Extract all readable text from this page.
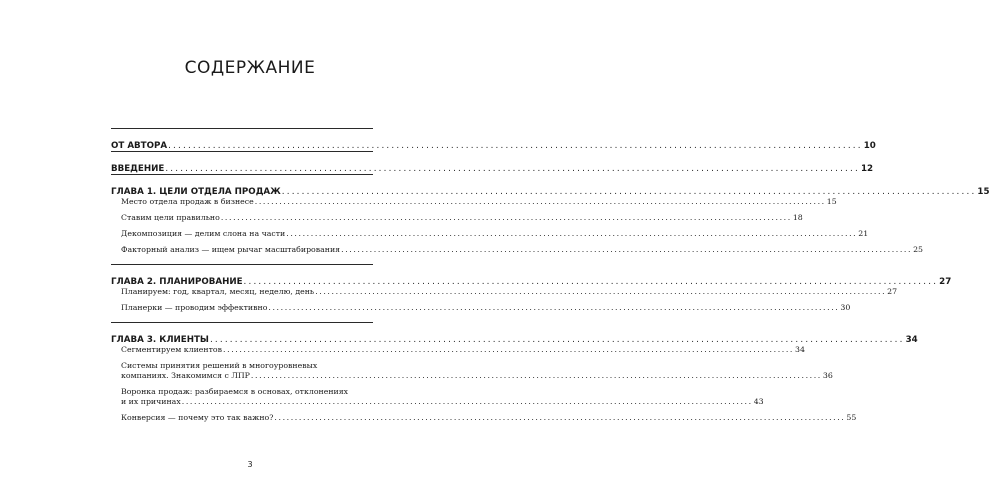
СОДЕРЖАНИЕ
ОТ АВТОРА ............................................................................................................................................ 10
ВВЕДЕНИЕ ............................................................................................................................................ 12
ГЛАВА 1. ЦЕЛИ ОТДЕЛА ПРОДАЖ ............................................................................................................................................ 15
Место отдела продаж в бизнесе ............................................................................................................................................ 15
Ставим цели правильно ............................................................................................................................................ 18
Декомпозиция — делим слона на части ............................................................................................................................................ 21
Факторный анализ — ищем рычаг масштабирования ............................................................................................................................................ 25
ГЛАВА 2. ПЛАНИРОВАНИЕ ............................................................................................................................................ 27
Планируем: год, квартал, месяц, неделю, день ............................................................................................................................................ 27
Планерки — проводим эффективно ............................................................................................................................................ 30
ГЛАВА 3. КЛИЕНТЫ ............................................................................................................................................ 34
Сегментируем клиентов ............................................................................................................................................ 34
Системы принятия решений в многоуровневых
компаниях. Знакомимся с ЛПР ............................................................................................................................................ 36
Воронка продаж: разбираемся в основах, отклонениях
и их причинах ............................................................................................................................................ 43
Конверсия — почему это так важно? ............................................................................................................................................ 55
3
